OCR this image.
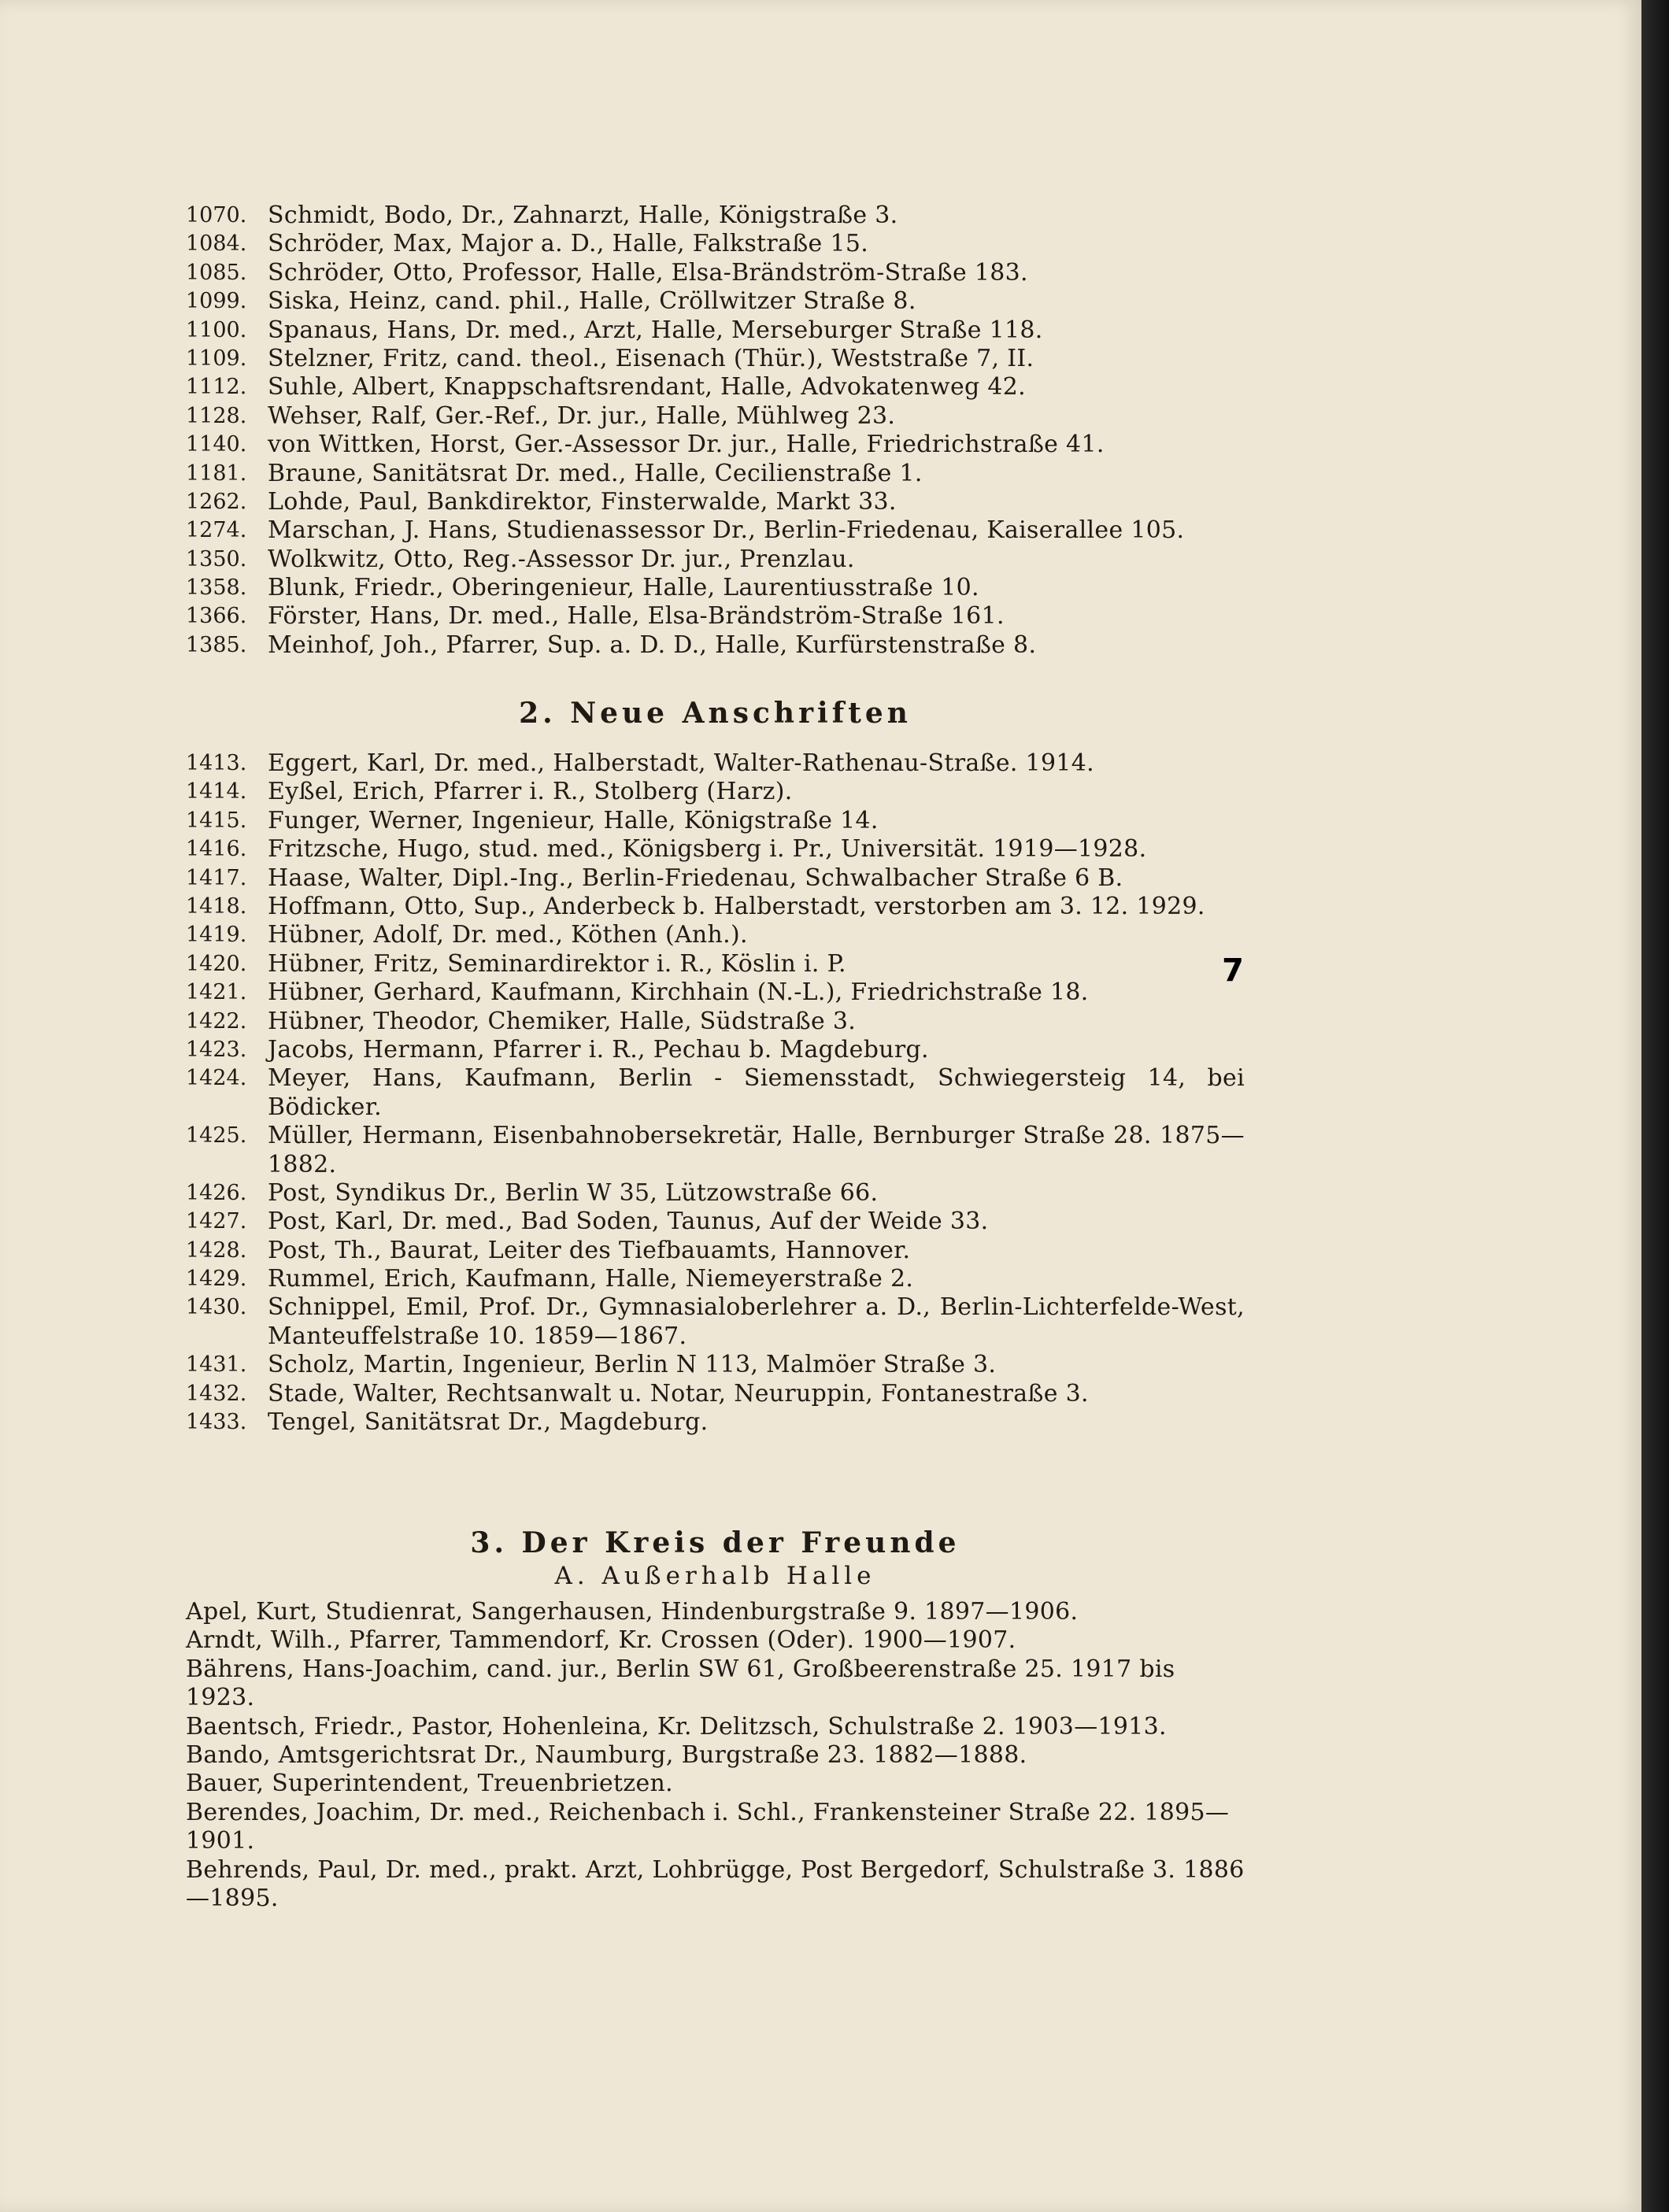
1070. Schmidt, Bodo, Dr., Zahnarzt, Halle, Königstraße 3.
1084. Schröder, Max, Major a. D., Halle, Falkstraße 15.
1085. Schröder, Otto, Professor, Halle, Elsa-Brändström-Straße 183.
1099. Siska, Heinz, cand. phil., Halle, Cröllwitzer Straße 8.
1100. Spanaus, Hans, Dr. med., Arzt, Halle, Merseburger Straße 118.
1109. Stelzner, Fritz, cand. theol., Eisenach (Thür.), Weststraße 7, II.
1112. Suhle, Albert, Knappschaftsrendant, Halle, Advokatenweg 42.
1128. Wehser, Ralf, Ger.-Ref., Dr. jur., Halle, Mühlweg 23.
1140. von Wittken, Horst, Ger.-Assessor Dr. jur., Halle, Friedrichstraße 41.
1181. Braune, Sanitätsrat Dr. med., Halle, Cecilienstraße 1.
1262. Lohde, Paul, Bankdirektor, Finsterwalde, Markt 33.
1274. Marschan, J. Hans, Studienassessor Dr., Berlin-Friedenau, Kaiserallee 105.
1350. Wolkwitz, Otto, Reg.-Assessor Dr. jur., Prenzlau.
1358. Blunk, Friedr., Oberingenieur, Halle, Laurentiusstraße 10.
1366. Förster, Hans, Dr. med., Halle, Elsa-Brändström-Straße 161.
1385. Meinhof, Joh., Pfarrer, Sup. a. D. D., Halle, Kurfürstenstraße 8.
2. Neue Anschriften
1413. Eggert, Karl, Dr. med., Halberstadt, Walter-Rathenau-Straße. 1914.
1414. Eyßel, Erich, Pfarrer i. R., Stolberg (Harz).
1415. Funger, Werner, Ingenieur, Halle, Königstraße 14.
1416. Fritzsche, Hugo, stud. med., Königsberg i. Pr., Universität. 1919—1928.
1417. Haase, Walter, Dipl.-Ing., Berlin-Friedenau, Schwalbacher Straße 6 B.
1418. Hoffmann, Otto, Sup., Anderbeck b. Halberstadt, verstorben am 3. 12. 1929.
1419. Hübner, Adolf, Dr. med., Köthen (Anh.).
1420. Hübner, Fritz, Seminardirektor i. R., Köslin i. P.
1421. Hübner, Gerhard, Kaufmann, Kirchhain (N.-L.), Friedrichstraße 18.
1422. Hübner, Theodor, Chemiker, Halle, Südstraße 3.
1423. Jacobs, Hermann, Pfarrer i. R., Pechau b. Magdeburg.
1424. Meyer, Hans, Kaufmann, Berlin - Siemensstadt, Schwiegersteig 14, bei Bödicker.
1425. Müller, Hermann, Eisenbahnobersekretär, Halle, Bernburger Straße 28. 1875—1882.
1426. Post, Syndikus Dr., Berlin W 35, Lützowstraße 66.
1427. Post, Karl, Dr. med., Bad Soden, Taunus, Auf der Weide 33.
1428. Post, Th., Baurat, Leiter des Tiefbauamts, Hannover.
1429. Rummel, Erich, Kaufmann, Halle, Niemeyerstraße 2.
1430. Schnippel, Emil, Prof. Dr., Gymnasialoberlehrer a. D., Berlin-Lichterfelde-West, Manteuffelstraße 10. 1859—1867.
1431. Scholz, Martin, Ingenieur, Berlin N 113, Malmöer Straße 3.
1432. Stade, Walter, Rechtsanwalt u. Notar, Neuruppin, Fontanestraße 3.
1433. Tengel, Sanitätsrat Dr., Magdeburg.
3. Der Kreis der Freunde
A. Außerhalb Halle
Apel, Kurt, Studienrat, Sangerhausen, Hindenburgstraße 9. 1897—1906.
Arndt, Wilh., Pfarrer, Tammendorf, Kr. Crossen (Oder). 1900—1907.
Bährens, Hans-Joachim, cand. jur., Berlin SW 61, Großbeerenstraße 25. 1917 bis 1923.
Baentsch, Friedr., Pastor, Hohenleina, Kr. Delitzsch, Schulstraße 2. 1903—1913.
Bando, Amtsgerichtsrat Dr., Naumburg, Burgstraße 23. 1882—1888.
Bauer, Superintendent, Treuenbrietzen.
Berendes, Joachim, Dr. med., Reichenbach i. Schl., Frankensteiner Straße 22. 1895—1901.
Behrends, Paul, Dr. med., prakt. Arzt, Lohbrügge, Post Bergedorf, Schulstraße 3. 1886—1895.
7
